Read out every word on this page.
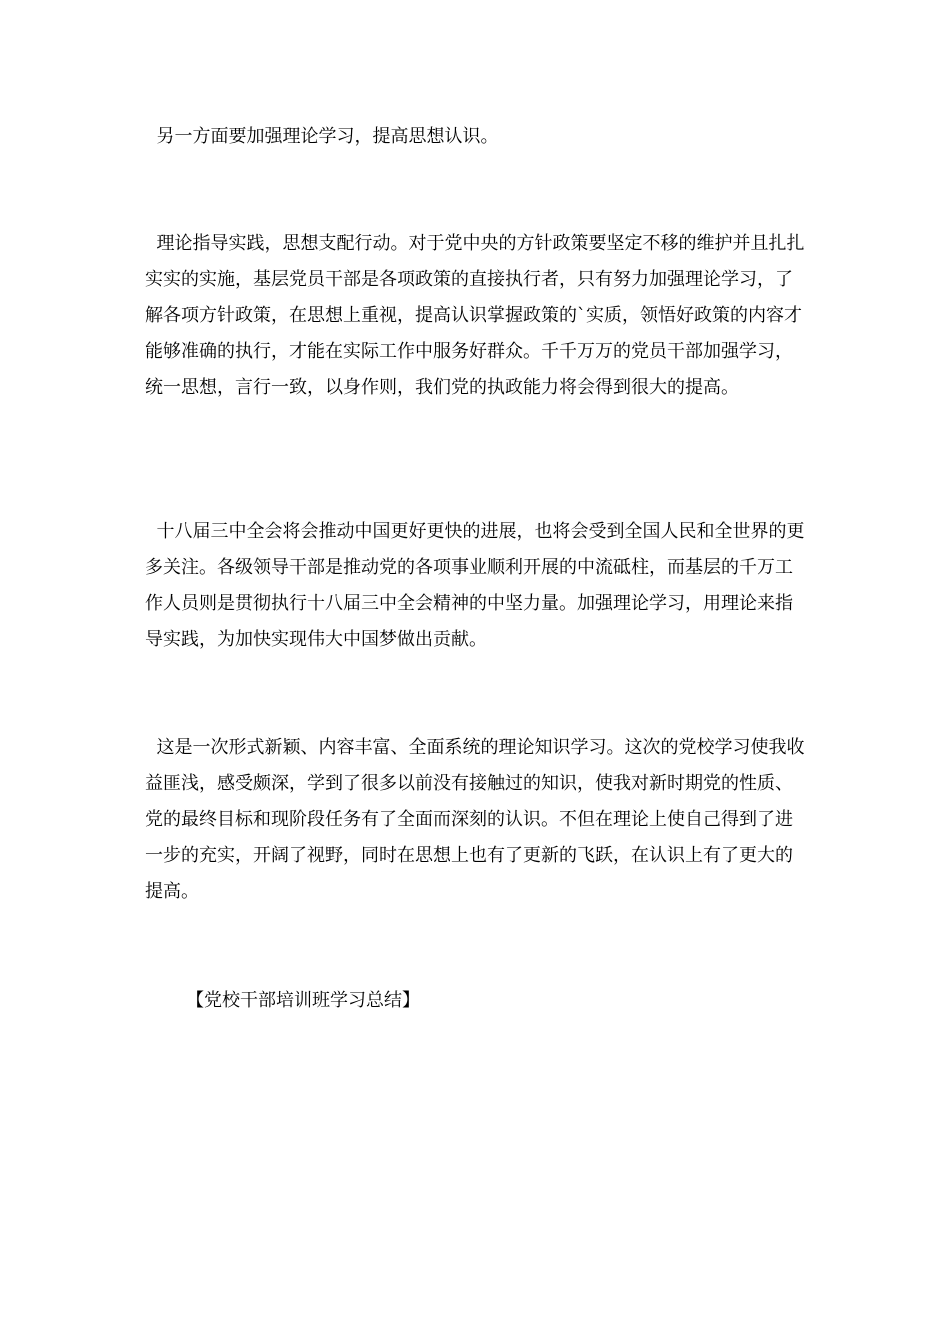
另一方面要加强理论学习，提高思想认识。

理论指导实践，思想支配行动。对于党中央的方针政策要坚定不移的维护并且扎扎实实的实施，基层党员干部是各项政策的直接执行者，只有努力加强理论学习，了解各项方针政策，在思想上重视，提高认识掌握政策的`实质，领悟好政策的内容才能够准确的执行，才能在实际工作中服务好群众。千千万万的党员干部加强学习，统一思想，言行一致，以身作则，我们党的执政能力将会得到很大的提高。

十八届三中全会将会推动中国更好更快的进展，也将会受到全国人民和全世界的更多关注。各级领导干部是推动党的各项事业顺利开展的中流砥柱，而基层的千万工作人员则是贯彻执行十八届三中全会精神的中坚力量。加强理论学习，用理论来指导实践，为加快实现伟大中国梦做出贡献。

这是一次形式新颖、内容丰富、全面系统的理论知识学习。这次的党校学习使我收益匪浅，感受颇深，学到了很多以前没有接触过的知识，使我对新时期党的性质、党的最终目标和现阶段任务有了全面而深刻的认识。不但在理论上使自己得到了进一步的充实，开阔了视野，同时在思想上也有了更新的飞跃，在认识上有了更大的提高。

【党校干部培训班学习总结】
